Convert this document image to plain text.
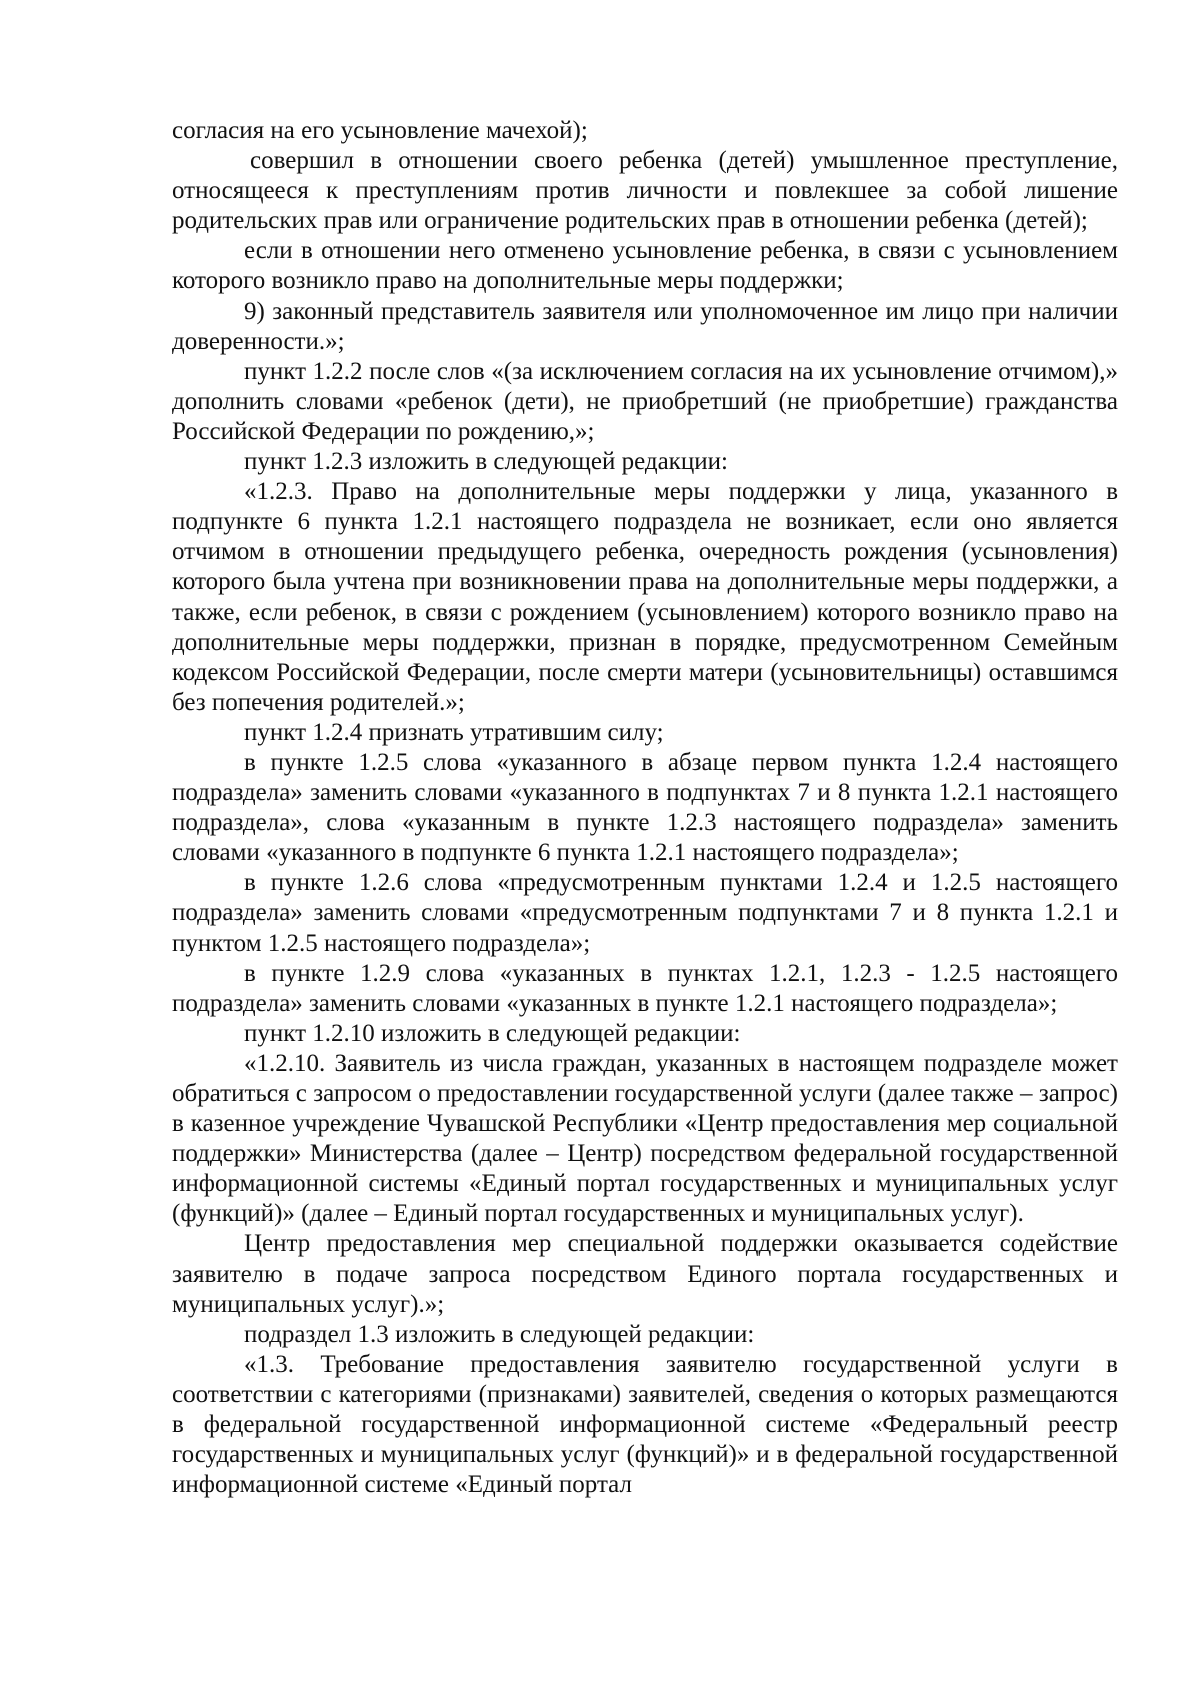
согласия на его усыновление мачехой);

совершил в отношении своего ребенка (детей) умышленное преступление, относящееся к преступлениям против личности и повлекшее за собой лишение родительских прав или ограничение родительских прав в отношении ребенка (детей);

если в отношении него отменено усыновление ребенка, в связи с усыновлением которого возникло право на дополнительные меры поддержки;

9) законный представитель заявителя или уполномоченное им лицо при наличии доверенности.»;

пункт 1.2.2 после слов «(за исключением согласия на их усыновление отчимом),» дополнить словами «ребенок (дети), не приобретший (не приобретшие) гражданства Российской Федерации по рождению,»;

пункт 1.2.3 изложить в следующей редакции:

«1.2.3. Право на дополнительные меры поддержки у лица, указанного в подпункте 6 пункта 1.2.1 настоящего подраздела не возникает, если оно является отчимом в отношении предыдущего ребенка, очередность рождения (усыновления) которого была учтена при возникновении права на дополнительные меры поддержки, а также, если ребенок, в связи с рождением (усыновлением) которого возникло право на дополнительные меры поддержки, признан в порядке, предусмотренном Семейным кодексом Российской Федерации, после смерти матери (усыновительницы) оставшимся без попечения родителей.»;

пункт 1.2.4 признать утратившим силу;

в пункте 1.2.5 слова «указанного в абзаце первом пункта 1.2.4 настоящего подраздела» заменить словами «указанного в подпунктах 7 и 8 пункта 1.2.1 настоящего подраздела», слова «указанным в пункте 1.2.3 настоящего подраздела» заменить словами «указанного в подпункте 6 пункта 1.2.1 настоящего подраздела»;

в пункте 1.2.6 слова «предусмотренным пунктами 1.2.4 и 1.2.5 настоящего подраздела» заменить словами «предусмотренным подпунктами 7 и 8 пункта 1.2.1 и пунктом 1.2.5 настоящего подраздела»;

в пункте 1.2.9 слова «указанных в пунктах 1.2.1, 1.2.3 - 1.2.5 настоящего подраздела» заменить словами «указанных в пункте 1.2.1 настоящего подраздела»;

пункт 1.2.10 изложить в следующей редакции:

«1.2.10. Заявитель из числа граждан, указанных в настоящем подразделе может обратиться с запросом о предоставлении государственной услуги (далее также – запрос) в казенное учреждение Чувашской Республики «Центр предоставления мер социальной поддержки» Министерства (далее – Центр) посредством федеральной государственной информационной системы «Единый портал государственных и муниципальных услуг (функций)» (далее – Единый портал государственных и муниципальных услуг).

Центр предоставления мер специальной поддержки оказывается содействие заявителю в подаче запроса посредством Единого портала государственных и муниципальных услуг).»;

подраздел 1.3 изложить в следующей редакции:

«1.3. Требование предоставления заявителю государственной услуги в соответствии с категориями (признаками) заявителей, сведения о которых размещаются в федеральной государственной информационной системе «Федеральный реестр государственных и муниципальных услуг (функций)» и в федеральной государственной информационной системе «Единый портал
